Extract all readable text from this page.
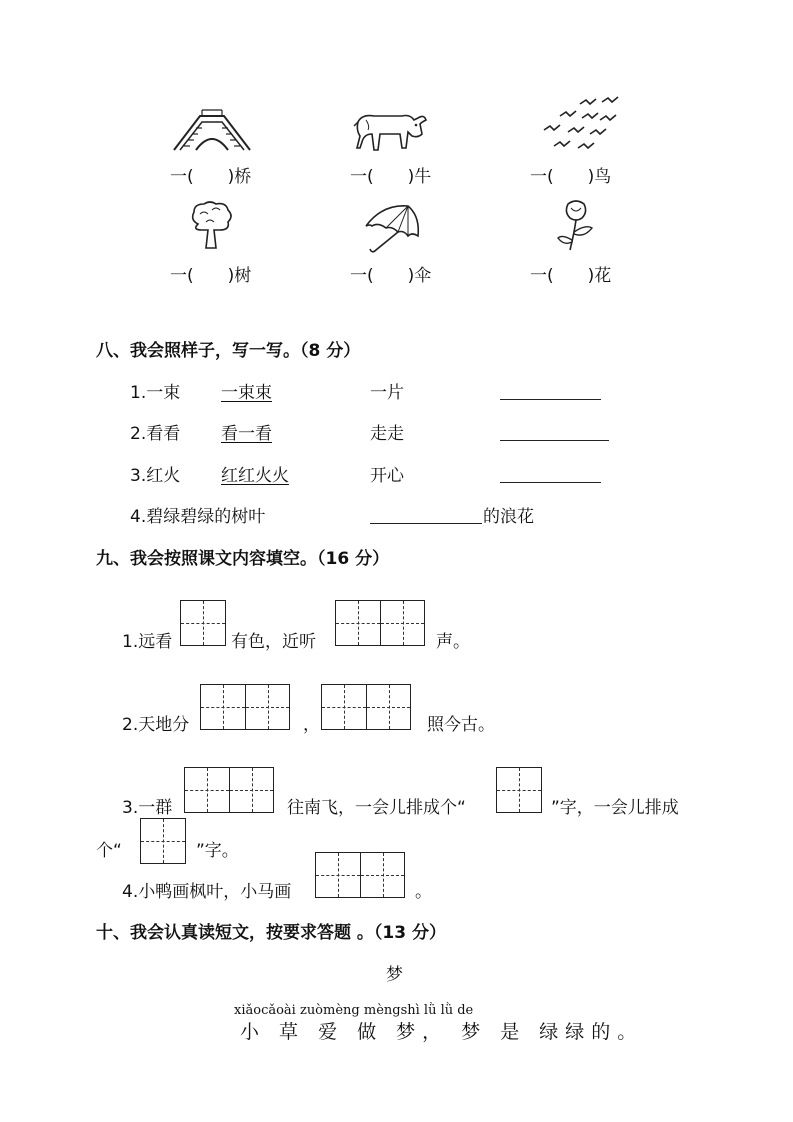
一(　　)桥	一(　　)牛	一(　　)鸟
一(　　)树	一(　　)伞	一(　　)花
八、我会照样子，写一写。（8 分）
1.一束 一束束	一片
2.看看 看一看	走走
3.红火 红红火火	开心
4.碧绿碧绿的树叶	的浪花
九、我会按照课文内容填空。（16 分）
1.远看	有色，近听	声。
2.天地分	，	照今古。
3.一群	往南飞，一会儿排成个“	”字，一会儿排成
个“	”字。
4.小鸭画枫叶，小马画	。
十、我会认真读短文，按要求答题 。（13 分）
梦
xiǎocǎoài zuòmèng mèngshì lǜ lǜ de
小 草 爱 做 梦， 梦 是 绿绿的。
